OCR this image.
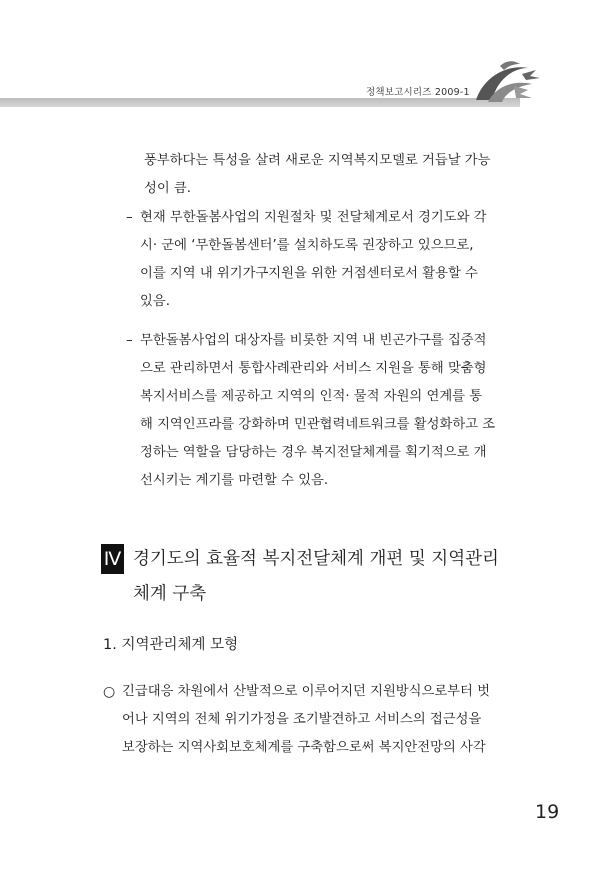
정책보고시리즈 2009-1
풍부하다는 특성을 살려 새로운 지역복지모델로 거듭날 가능
성이 큼.
– 현재 무한돌봄사업의 지원절차 및 전달체계로서 경기도와 각
시· 군에 ‘무한돌봄센터’를 설치하도록 권장하고 있으므로,
이를 지역 내 위기가구지원을 위한 거점센터로서 활용할 수
있음.
– 무한돌봄사업의 대상자를 비롯한 지역 내 빈곤가구를 집중적
으로 관리하면서 통합사례관리와 서비스 지원을 통해 맞춤형
복지서비스를 제공하고 지역의 인적· 물적 자원의 연계를 통
해 지역인프라를 강화하며 민관협력네트워크를 활성화하고 조
정하는 역할을 담당하는 경우 복지전달체계를 획기적으로 개
선시키는 계기를 마련할 수 있음.
Ⅳ 경기도의 효율적 복지전달체계 개편 및 지역관리
체계 구축
1. 지역관리체계 모형
○ 긴급대응 차원에서 산발적으로 이루어지던 지원방식으로부터 벗
어나 지역의 전체 위기가정을 조기발견하고 서비스의 접근성을
보장하는 지역사회보호체계를 구축함으로써 복지안전망의 사각
19
